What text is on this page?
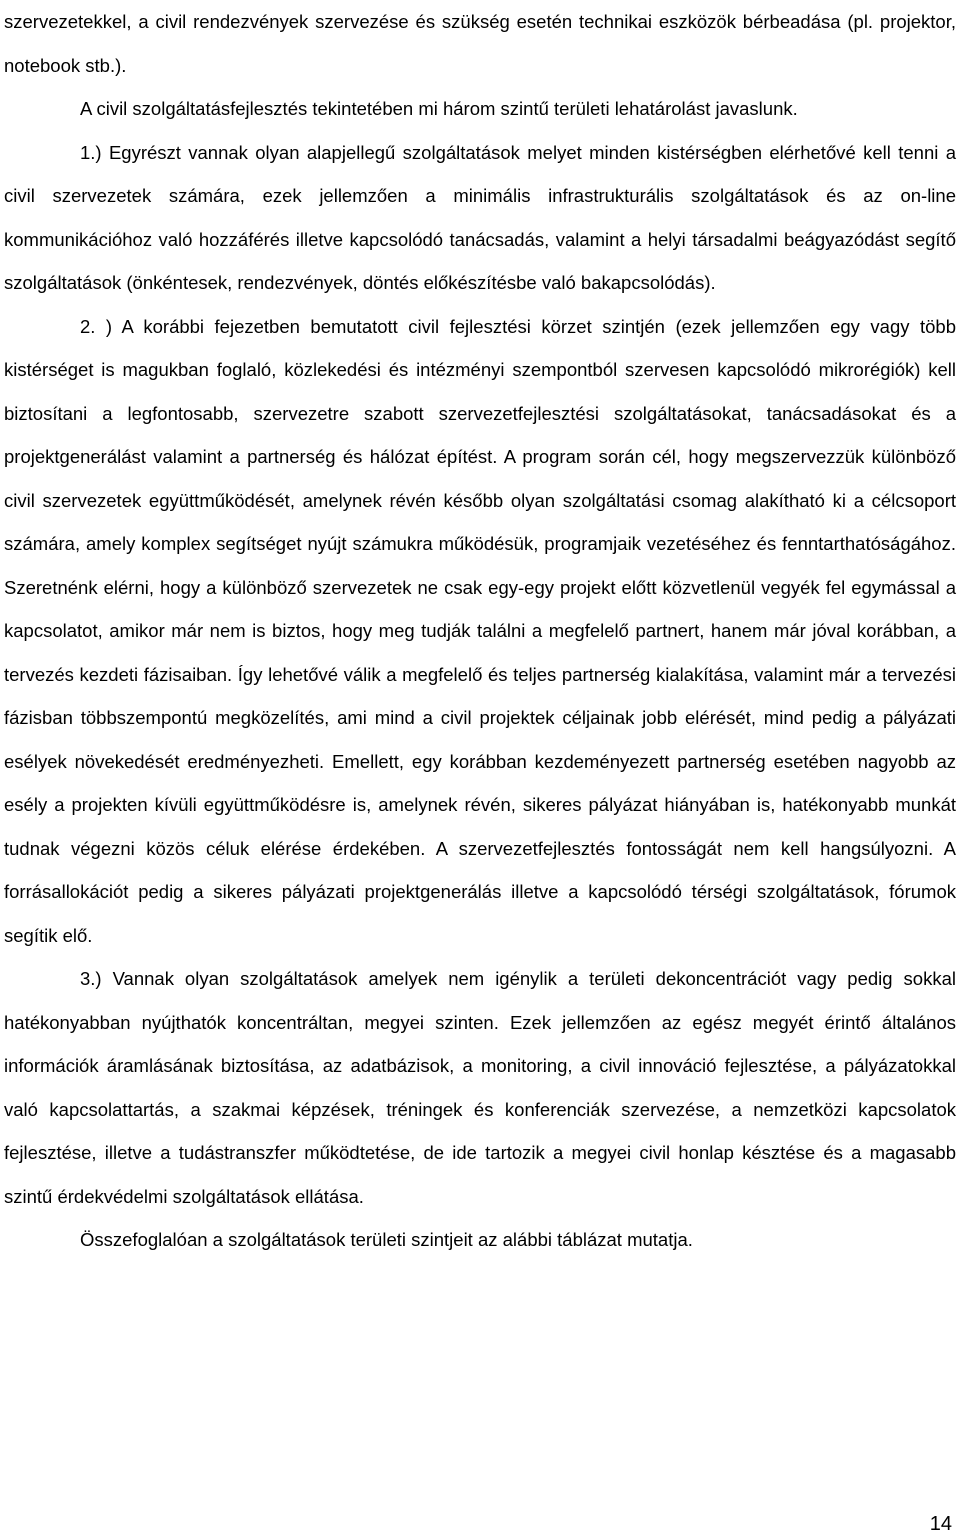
szervezetekkel, a civil rendezvények szervezése és szükség esetén technikai eszközök bérbeadása (pl. projektor, notebook stb.).

A civil szolgáltatásfejlesztés tekintetében mi három szintű területi lehatárolást javaslunk.

1.) Egyrészt vannak olyan alapjellegű szolgáltatások melyet minden kistérségben elérhetővé kell tenni a civil szervezetek számára, ezek jellemzően a minimális infrastrukturális szolgáltatások és az on-line kommunikációhoz való hozzáférés illetve kapcsolódó tanácsadás, valamint a helyi társadalmi beágyazódást segítő szolgáltatások (önkéntesek, rendezvények, döntés előkészítésbe való bakapcsolódás).

2. ) A korábbi fejezetben bemutatott civil fejlesztési körzet szintjén (ezek jellemzően egy vagy több kistérséget is magukban foglaló, közlekedési és intézményi szempontból szervesen kapcsolódó mikrorégiók) kell biztosítani a legfontosabb, szervezetre szabott szervezetfejlesztési szolgáltatásokat, tanácsadásokat és a projektgenerálást valamint a partnerség és hálózat építést. A program során cél, hogy megszervezzük különböző civil szervezetek együttműködését, amelynek révén később olyan szolgáltatási csomag alakítható ki a célcsoport számára, amely komplex segítséget nyújt számukra működésük, programjaik vezetéséhez és fenntarthatóságához. Szeretnénk elérni, hogy a különböző szervezetek ne csak egy-egy projekt előtt közvetlenül vegyék fel egymással a kapcsolatot, amikor már nem is biztos, hogy meg tudják találni a megfelelő partnert, hanem már jóval korábban, a tervezés kezdeti fázisaiban. Így lehetővé válik a megfelelő és teljes partnerség kialakítása, valamint már a tervezési fázisban többszempontú megközelítés, ami mind a civil projektek céljainak jobb elérését, mind pedig a pályázati esélyek növekedését eredményezheti. Emellett, egy korábban kezdeményezett partnerség esetében nagyobb az esély a projekten kívüli együttműködésre is, amelynek révén, sikeres pályázat hiányában is, hatékonyabb munkát tudnak végezni közös céluk elérése érdekében. A szervezetfejlesztés fontosságát nem kell hangsúlyozni. A forrásallokációt pedig a sikeres pályázati projektgenerálás illetve a kapcsolódó térségi szolgáltatások, fórumok segítik elő.

3.) Vannak olyan szolgáltatások amelyek nem igénylik a területi dekoncentrációt vagy pedig sokkal hatékonyabban nyújthatók koncentráltan, megyei szinten. Ezek jellemzően az egész megyét érintő általános információk áramlásának biztosítása, az adatbázisok, a monitoring, a civil innováció fejlesztése, a pályázatokkal való kapcsolattartás, a szakmai képzések, tréningek és konferenciák szervezése, a nemzetközi kapcsolatok fejlesztése, illetve a tudástranszfer működtetése, de ide tartozik a megyei civil honlap késztése és a magasabb szintű érdekvédelmi szolgáltatások ellátása.

Összefoglalóan a szolgáltatások területi szintjeit az alábbi táblázat mutatja.

14
